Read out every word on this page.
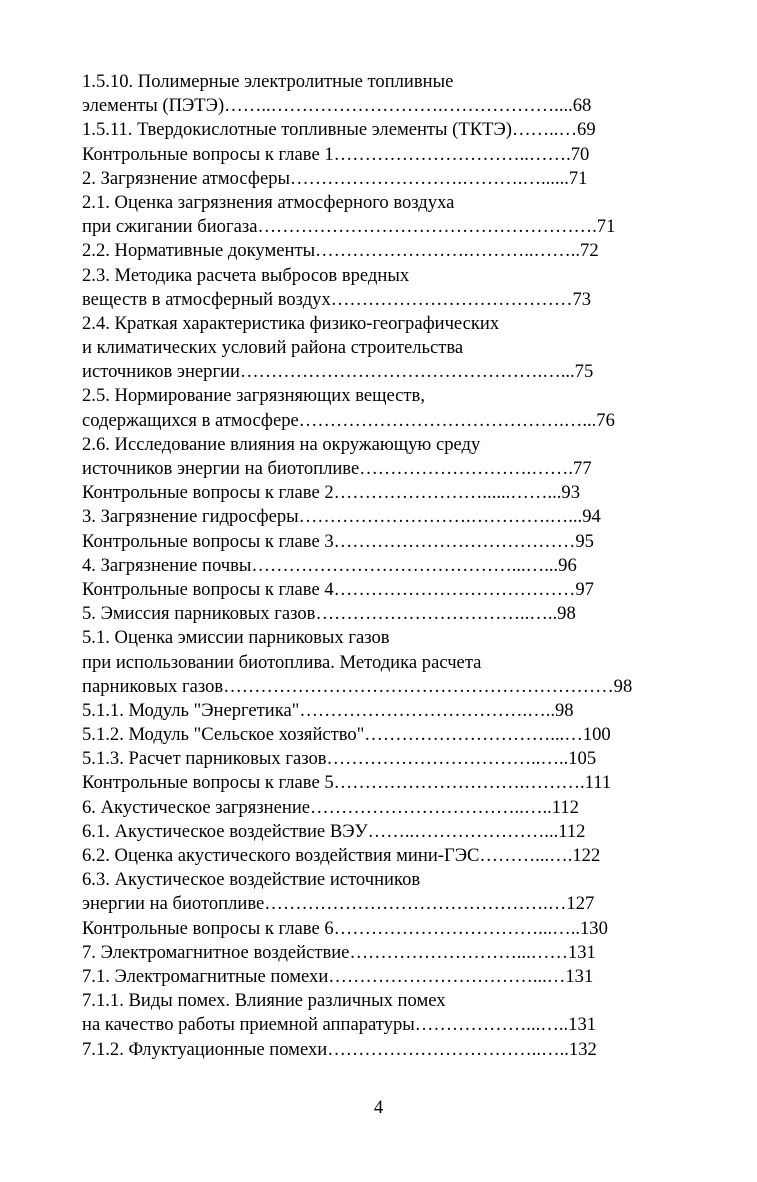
1.5.10. Полимерные электролитные топливные
элементы (ПЭТЭ)……..……………………….………………....68
1.5.11. Твердокислотные топливные элементы (ТКТЭ)……..…69
Контрольные вопросы к главе 1…………………………..…….70
2. Загрязнение атмосферы……………………….……….…......71
2.1. Оценка загрязнения атмосферного воздуха
при сжигании биогаза……………………………………………….71
2.2. Нормативные документы…………………….………..……..72
2.3. Методика расчета выбросов вредных
веществ в атмосферный воздух…………………………………73
2.4. Краткая характеристика физико-географических
и климатических условий района строительства
источников энергии………………………………………….…...75
2.5. Нормирование загрязняющих веществ,
содержащихся в атмосфере…………………………………….…...76
2.6. Исследование влияния на окружающую среду
источников энергии на биотопливе……………………….…….77
Контрольные вопросы к главе 2……………………......……...93
3. Загрязнение гидросферы……………………….………….…...94
Контрольные вопросы к главе 3…………………………………95
4. Загрязнение почвы……………………………………...…...96
Контрольные вопросы к главе 4…………………………………97
5. Эмиссия парниковых газов……………………………..…..98
5.1. Оценка эмиссии парниковых газов
при использовании биотоплива. Методика расчета
парниковых газов………………………………………………………98
5.1.1. Модуль "Энергетика"……………………………….…..98
5.1.2. Модуль "Сельское хозяйство"…………………………...…100
5.1.3. Расчет парниковых газов……………………………..…..105
Контрольные вопросы к главе 5………………………….……….111
6. Акустическое загрязнение……………………………..…..112
6.1. Акустическое воздействие ВЭУ……..…………………...112
6.2. Оценка акустического воздействия мини-ГЭС………...….122
6.3. Акустическое воздействие источников
энергии на биотопливе……………………………………….…127
Контрольные вопросы к главе 6……………………………...…..130
7. Электромагнитное воздействие………………………...……131
7.1. Электромагнитные помехи……………………………...…131
7.1.1. Виды помех. Влияние различных помех
на качество работы приемной аппаратуры………………...…..131
7.1.2. Флуктуационные помехи……………………………..…..132
4
